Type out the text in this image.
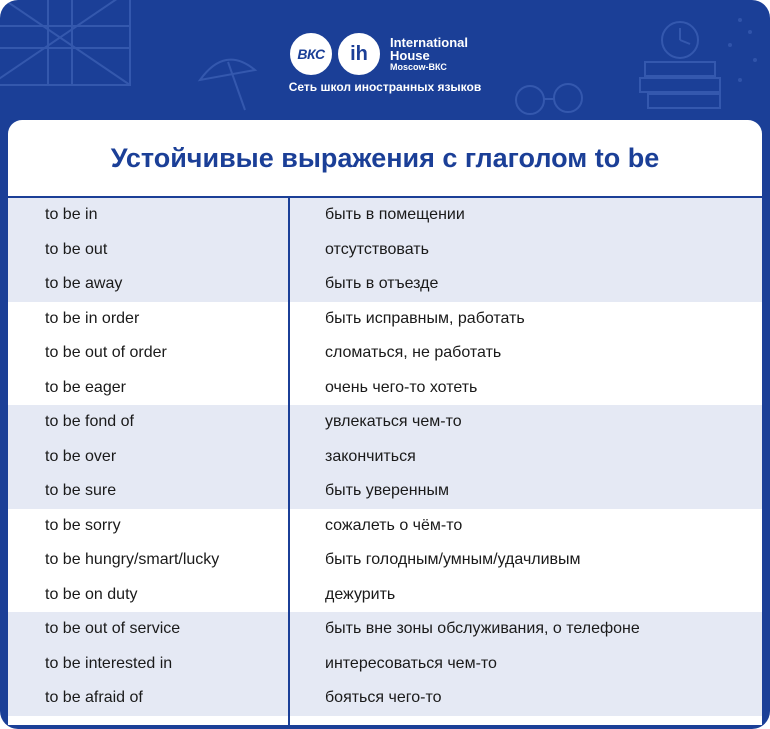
ВКС	ih	International
House
Moscow-ВКС
Сеть школ иностранных языков
Устойчивые выражения с глаголом to be
to be in	быть в помещении
to be out	отсутствовать
to be away	быть в отъезде
to be in order	быть исправным, работать
to be out of order	сломаться, не работать
to be eager	очень чего-то хотеть
to be fond of	увлекаться чем-то
to be over	закончиться
to be sure	быть уверенным
to be sorry	сожалеть о чём-то
to be hungry/smart/lucky	быть голодным/умным/удачливым
to be on duty	дежурить
to be out of service	быть вне зоны обслуживания, о телефоне
to be interested in	интересоваться чем-то
to be afraid of	бояться чего-то
